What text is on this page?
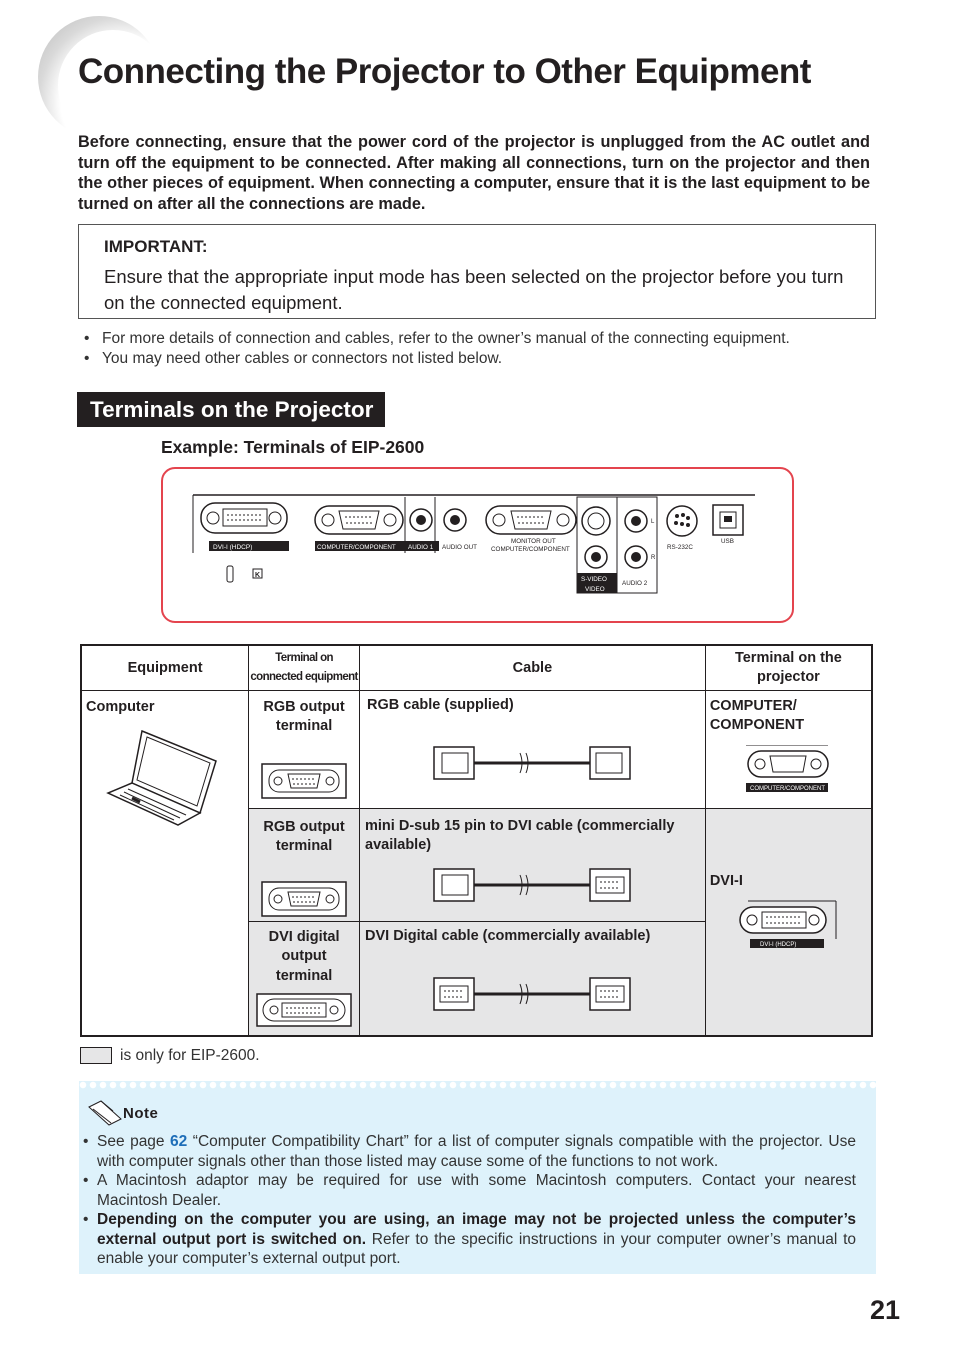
Connecting the Projector to Other Equipment
Before connecting, ensure that the power cord of the projector is unplugged from the AC outlet and turn off the equipment to be connected. After making all connections, turn on the projector and then the other pieces of equipment. When connecting a computer, ensure that it is the last equipment to be turned on after all the connections are made.
IMPORTANT:
Ensure that the appropriate input mode has been selected on the projector before you turn on the connected equipment.
• For more details of connection and cables, refer to the owner’s manual of the connecting equipment.
• You may need other cables or connectors not listed below.
Terminals on the Projector
Example: Terminals of EIP-2600
DVI-I (HDCP)	COMPUTER/COMPONENT AUDIO 1 AUDIO OUT
MONITOR OUT
COMPUTER/COMPONENT
L
R
S-VIDEO
VIDEO
AUDIO 2
RS-232C
USB
K
Equipment	Terminal on
connected equipment	Cable	Terminal on the projector

Computer	RGB output terminal	RGB cable (supplied)	COMPUTER/ COMPONENT
COMPUTER/COMPONENT

	RGB output terminal	mini D-sub 15 pin to DVI cable (commercially available)	DVI-I
DVI-I (HDCP)

	DVI digital output terminal	DVI Digital cable (commercially available)	
is only for EIP-2600.
Note
• See page 62 “Computer Compatibility Chart” for a list of computer signals compatible with the projector. Use with computer signals other than those listed may cause some of the functions to not work.
• A Macintosh adaptor may be required for use with some Macintosh computers. Contact your nearest Macintosh Dealer.
• Depending on the computer you are using, an image may not be projected unless the computer’s external output port is switched on. Refer to the specific instructions in your computer owner’s manual to enable your computer’s external output port.
21
